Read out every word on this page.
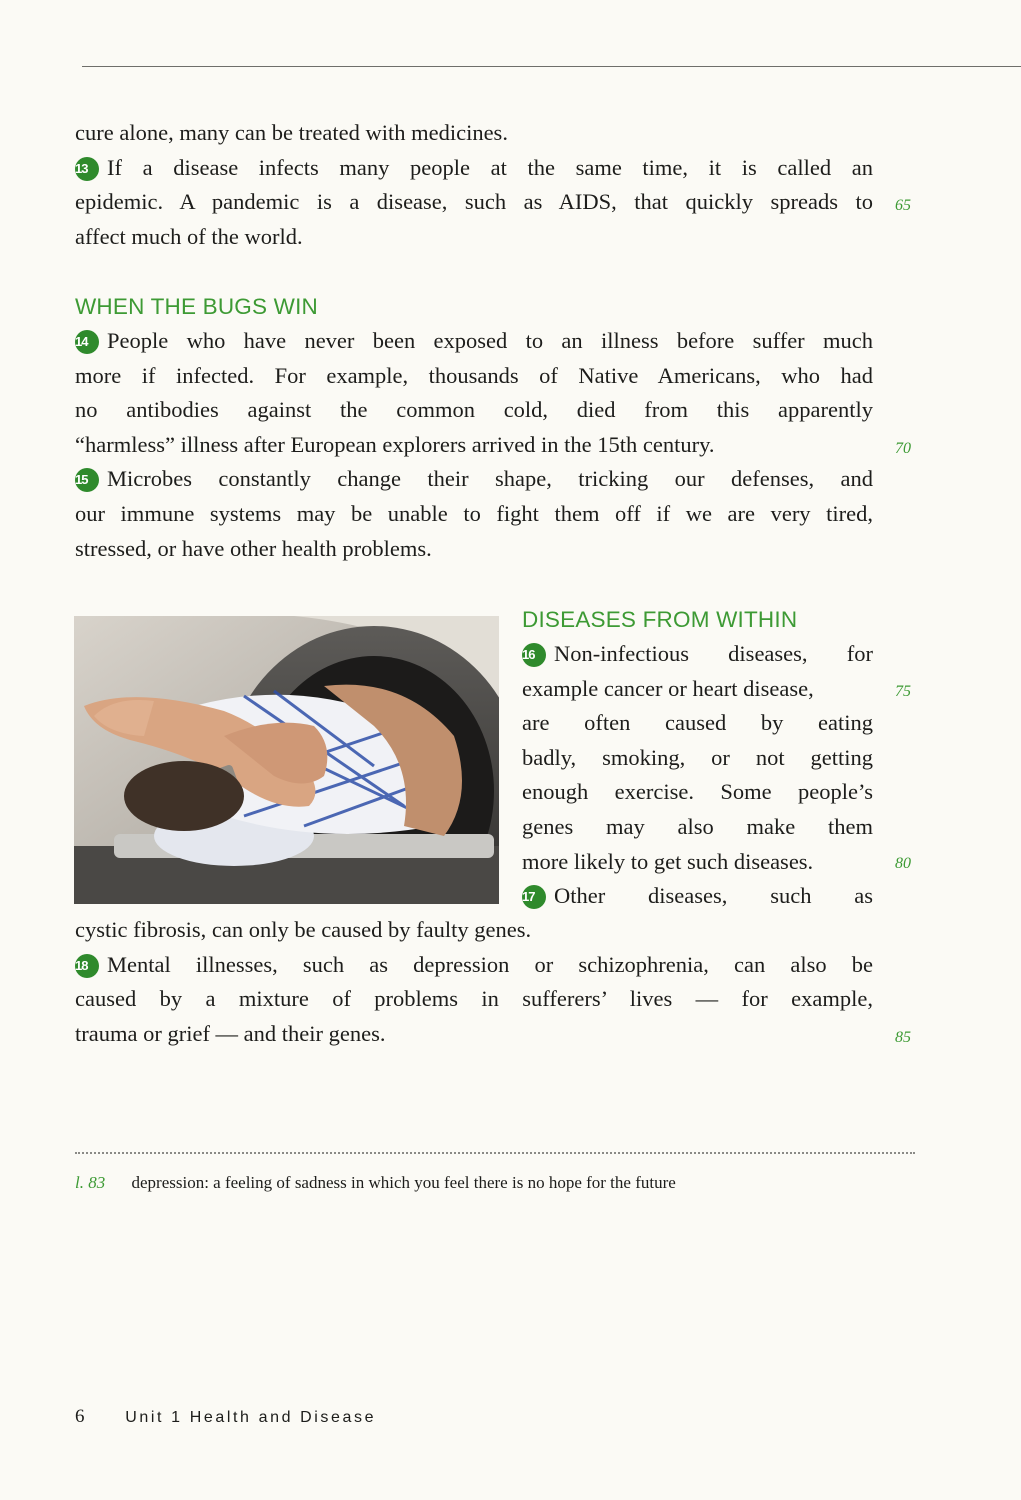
cure alone, many can be treated with medicines.
13 If a disease infects many people at the same time, it is called an
epidemic. A pandemic is a disease, such as AIDS, that quickly spreads to
affect much of the world.
65
WHEN THE BUGS WIN
14 People who have never been exposed to an illness before suffer much
more if infected. For example, thousands of Native Americans, who had
no antibodies against the common cold, died from this apparently
“harmless” illness after European explorers arrived in the 15th century.
15 Microbes constantly change their shape, tricking our defenses, and
our immune systems may be unable to fight them off if we are very tired,
stressed, or have other health problems.
70
DISEASES FROM WITHIN
16 Non-infectious diseases, for
example cancer or heart disease,
are often caused by eating
badly, smoking, or not getting
enough exercise. Some people’s
genes may also make them
more likely to get such diseases.
17 Other diseases, such as
75
80
cystic fibrosis, can only be caused by faulty genes.
18 Mental illnesses, such as depression or schizophrenia, can also be
caused by a mixture of problems in sufferers’ lives — for example,
trauma or grief — and their genes.	85
l. 83 depression: a feeling of sadness in which you feel there is no hope for the future
6	Unit 1 Health and Disease
